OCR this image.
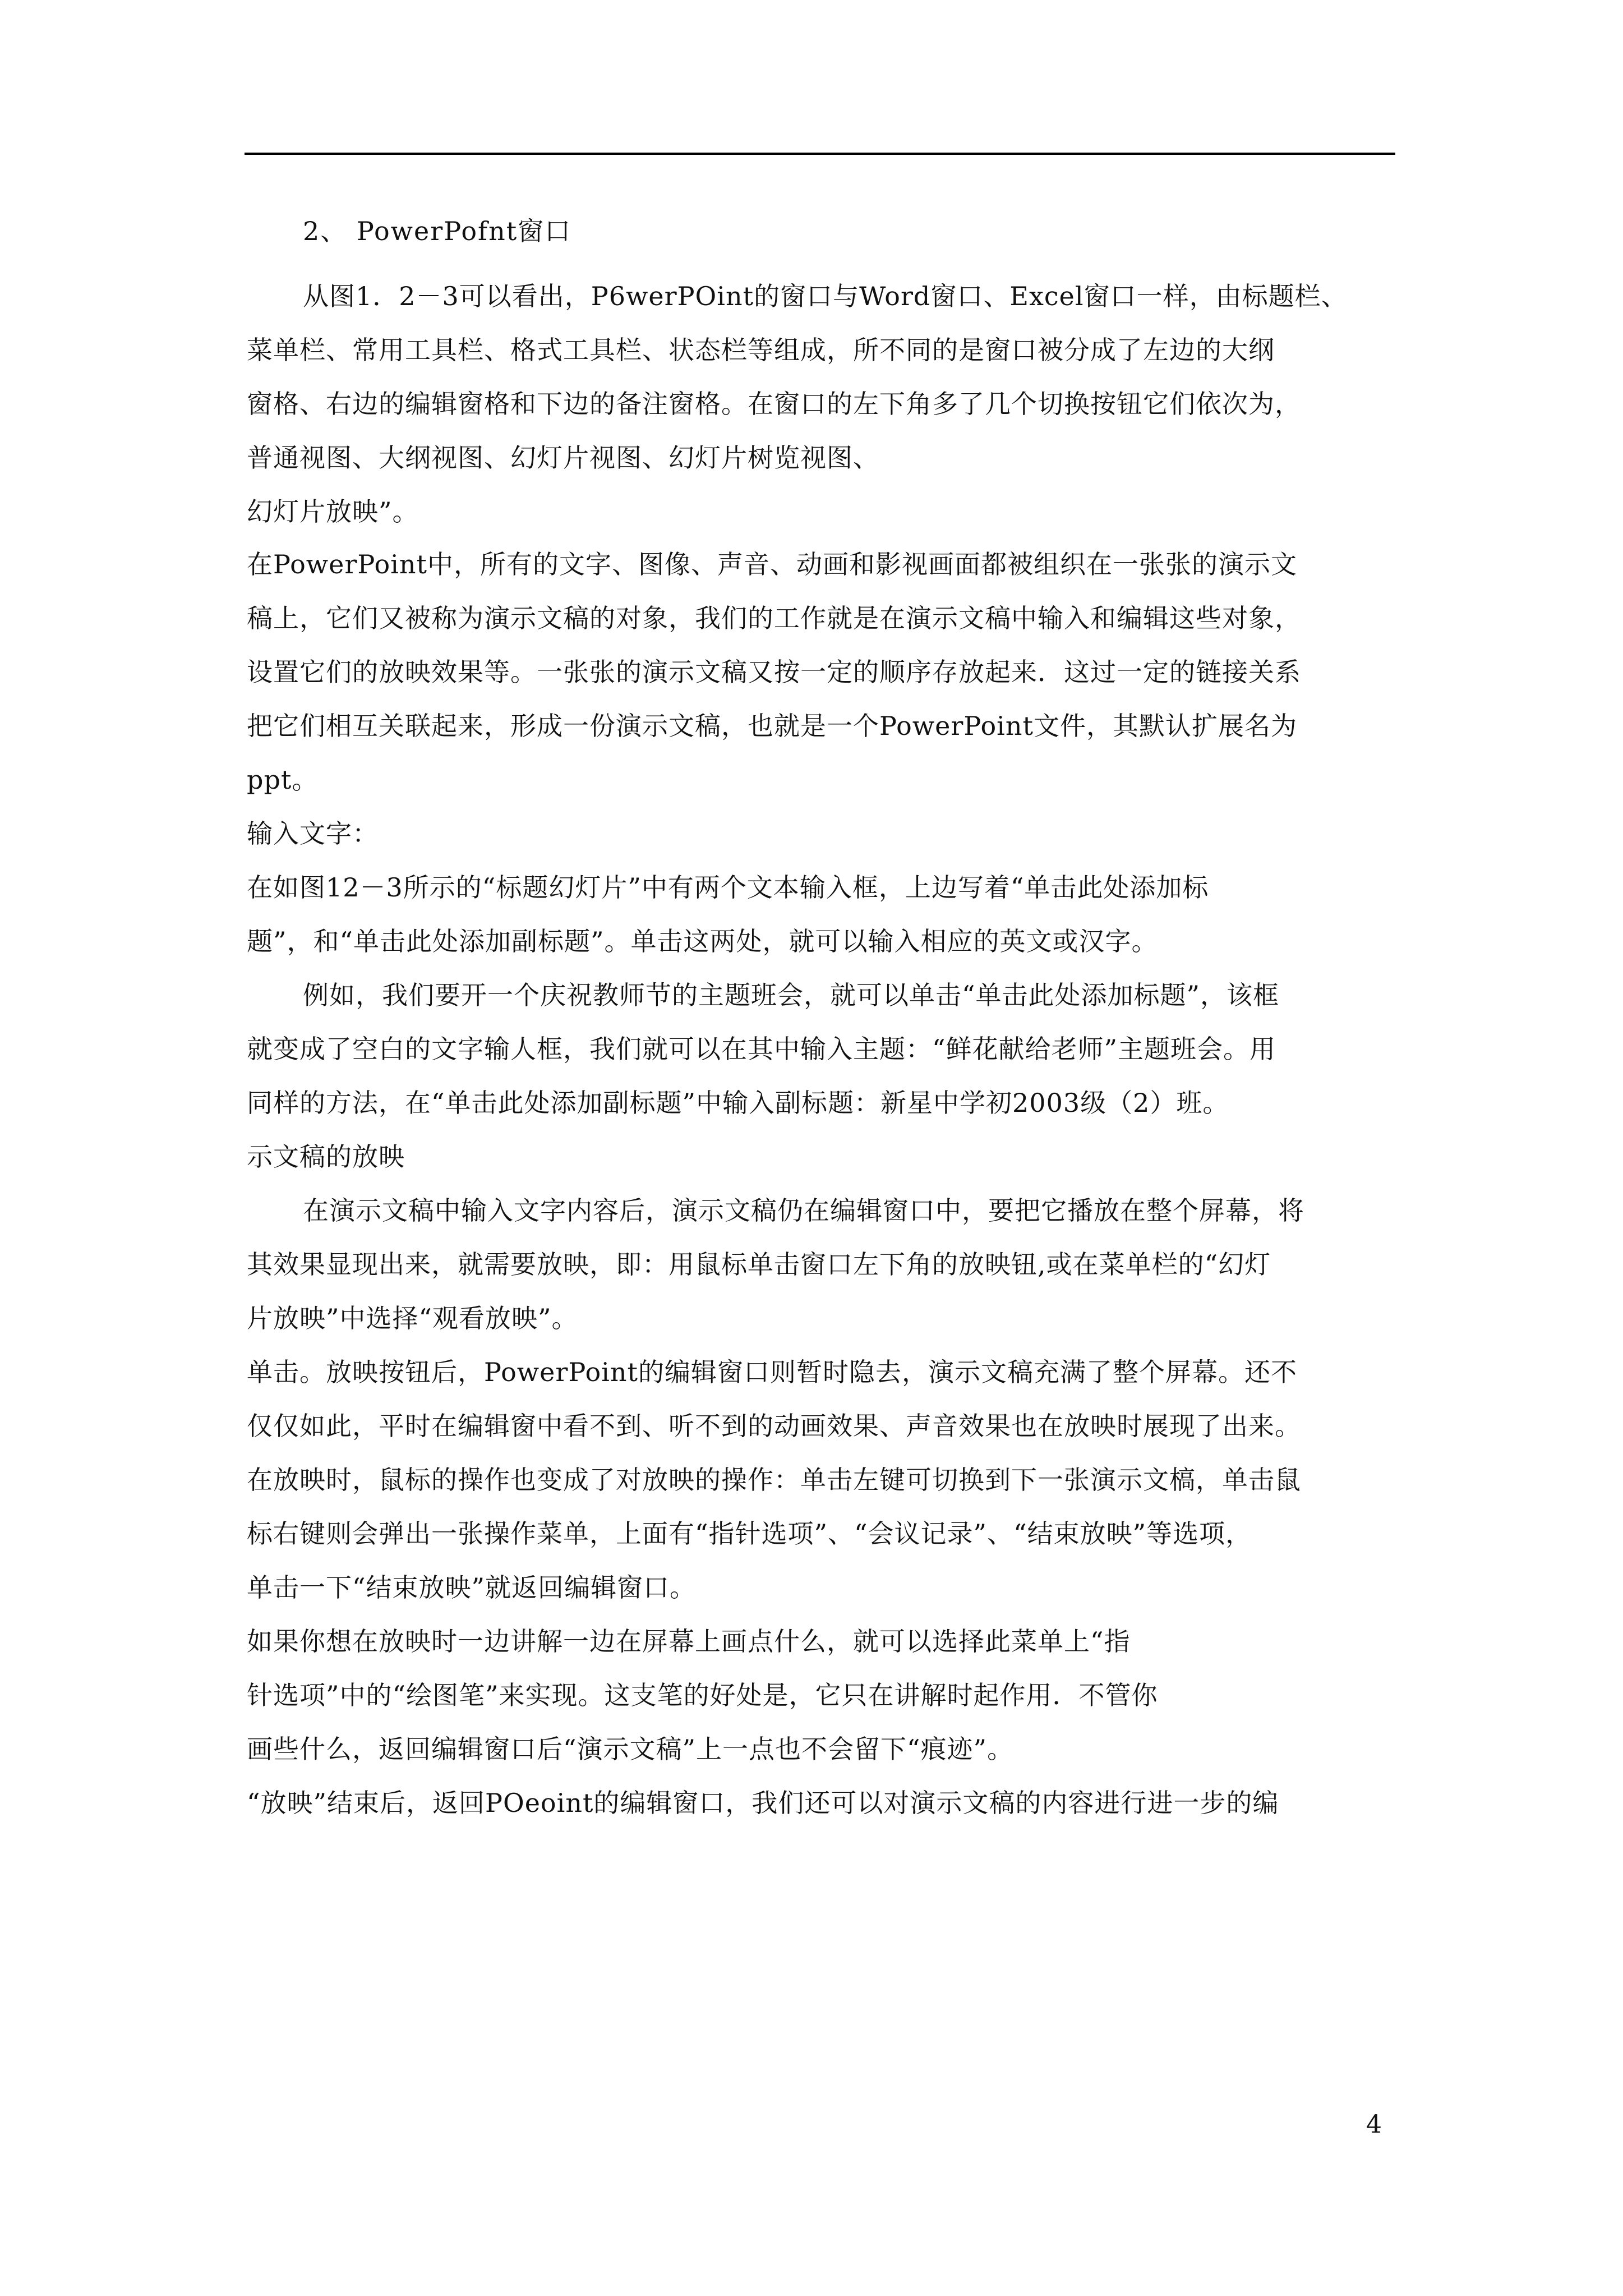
2、 PowerPofnt窗口

从图1．2－3可以看出，P6werPOint的窗口与Word窗口、Excel窗口一样，由标题栏、

菜单栏、常用工具栏、格式工具栏、状态栏等组成，所不同的是窗口被分成了左边的大纲

窗格、右边的编辑窗格和下边的备注窗格。在窗口的左下角多了几个切换按钮它们依次为，

普通视图、大纲视图、幻灯片视图、幻灯片树览视图、

幻灯片放映”。

在PowerPoint中，所有的文字、图像、声音、动画和影视画面都被组织在一张张的演示文

稿上，它们又被称为演示文稿的对象，我们的工作就是在演示文稿中输入和编辑这些对象，

设置它们的放映效果等。一张张的演示文稿又按一定的顺序存放起来．这过一定的链接关系

把它们相互关联起来，形成一份演示文稿，也就是一个PowerPoint文件，其默认扩展名为

ppt。

输入文字：

在如图12－3所示的“标题幻灯片”中有两个文本输入框，上边写着“单击此处添加标

题”，和“单击此处添加副标题”。单击这两处，就可以输入相应的英文或汉字。

例如，我们要开一个庆祝教师节的主题班会，就可以单击“单击此处添加标题”，该框

就变成了空白的文字输人框，我们就可以在其中输入主题：“鲜花献给老师”主题班会。用

同样的方法，在“单击此处添加副标题”中输入副标题：新星中学初2003级（2）班。

示文稿的放映

在演示文稿中输入文字内容后，演示文稿仍在编辑窗口中，要把它播放在整个屏幕，将

其效果显现出来，就需要放映，即：用鼠标单击窗口左下角的放映钮,或在菜单栏的“幻灯

片放映”中选择“观看放映”。

单击。放映按钮后，PowerPoint的编辑窗口则暂时隐去，演示文稿充满了整个屏幕。还不

仅仅如此，平时在编辑窗中看不到、听不到的动画效果、声音效果也在放映时展现了出来。

在放映时，鼠标的操作也变成了对放映的操作：单击左键可切换到下一张演示文槁，单击鼠

标右键则会弹出一张操作菜单，上面有“指针选项”、“会议记录”、“结束放映”等选项，

单击一下“结束放映”就返回编辑窗口。

如果你想在放映时一边讲解一边在屏幕上画点什么，就可以选择此菜单上“指

针选项”中的“绘图笔”来实现。这支笔的好处是，它只在讲解时起作用．不管你

画些什么，返回编辑窗口后“演示文稿”上一点也不会留下“痕迹”。

“放映”结束后，返回POeoint的编辑窗口，我们还可以对演示文稿的内容进行进一步的编

4
